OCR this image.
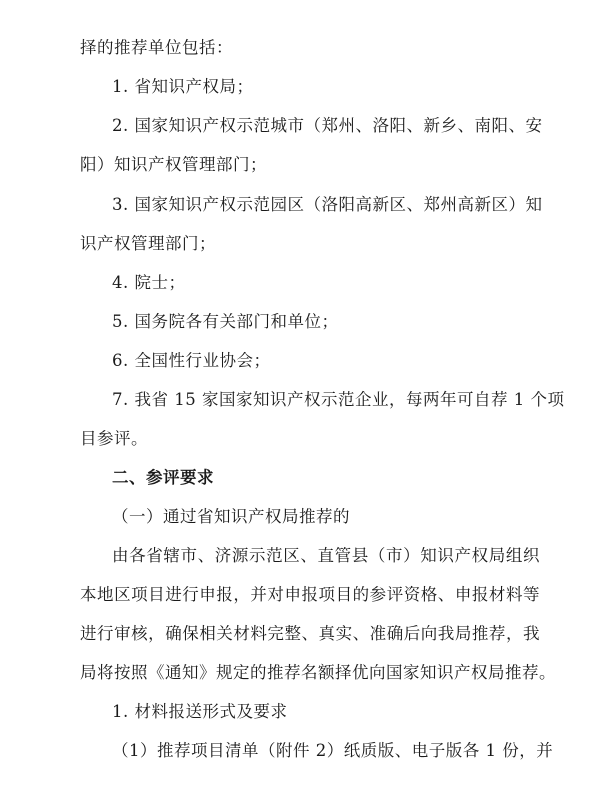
择的推荐单位包括：
1. 省知识产权局；
2. 国家知识产权示范城市（郑州、洛阳、新乡、南阳、安
阳）知识产权管理部门；
3. 国家知识产权示范园区（洛阳高新区、郑州高新区）知
识产权管理部门；
4. 院士；
5. 国务院各有关部门和单位；
6. 全国性行业协会；
7. 我省 15 家国家知识产权示范企业，每两年可自荐 1 个项
目参评。
二、参评要求
（一）通过省知识产权局推荐的
由各省辖市、济源示范区、直管县（市）知识产权局组织
本地区项目进行申报，并对申报项目的参评资格、申报材料等
进行审核，确保相关材料完整、真实、准确后向我局推荐，我
局将按照《通知》规定的推荐名额择优向国家知识产权局推荐。
1. 材料报送形式及要求
（1）推荐项目清单（附件 2）纸质版、电子版各 1 份，并
